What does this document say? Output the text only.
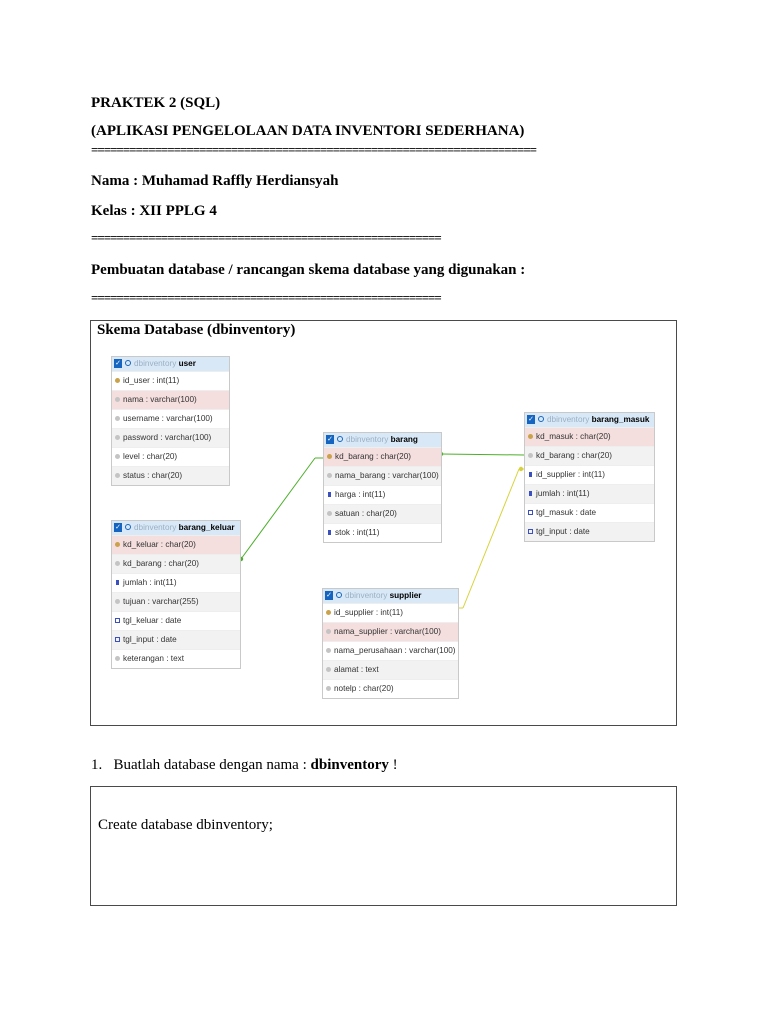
PRAKTEK 2 (SQL)
(APLIKASI PENGELOLAAN DATA INVENTORI SEDERHANA)
======================================================================
Nama : Muhamad Raffly Herdiansyah
Kelas : XII PPLG 4
=======================================================
Pembuatan database / rancangan skema database yang digunakan :
=======================================================
Skema Database (dbinventory)
✓ dbinventory user
id_user : int(11)
nama : varchar(100)
username : varchar(100)
password : varchar(100)
level : char(20)
status : char(20)
✓ dbinventory barang
kd_barang : char(20)
nama_barang : varchar(100)
harga : int(11)
satuan : char(20)
stok : int(11)
✓ dbinventory barang_masuk
kd_masuk : char(20)
kd_barang : char(20)
id_supplier : int(11)
jumlah : int(11)
tgl_masuk : date
tgl_input : date
✓ dbinventory barang_keluar
kd_keluar : char(20)
kd_barang : char(20)
jumlah : int(11)
tujuan : varchar(255)
tgl_keluar : date
tgl_input : date
keterangan : text
✓ dbinventory supplier
id_supplier : int(11)
nama_supplier : varchar(100)
nama_perusahaan : varchar(100)
alamat : text
notelp : char(20)
1. Buatlah database dengan nama : dbinventory !
Create database dbinventory;
